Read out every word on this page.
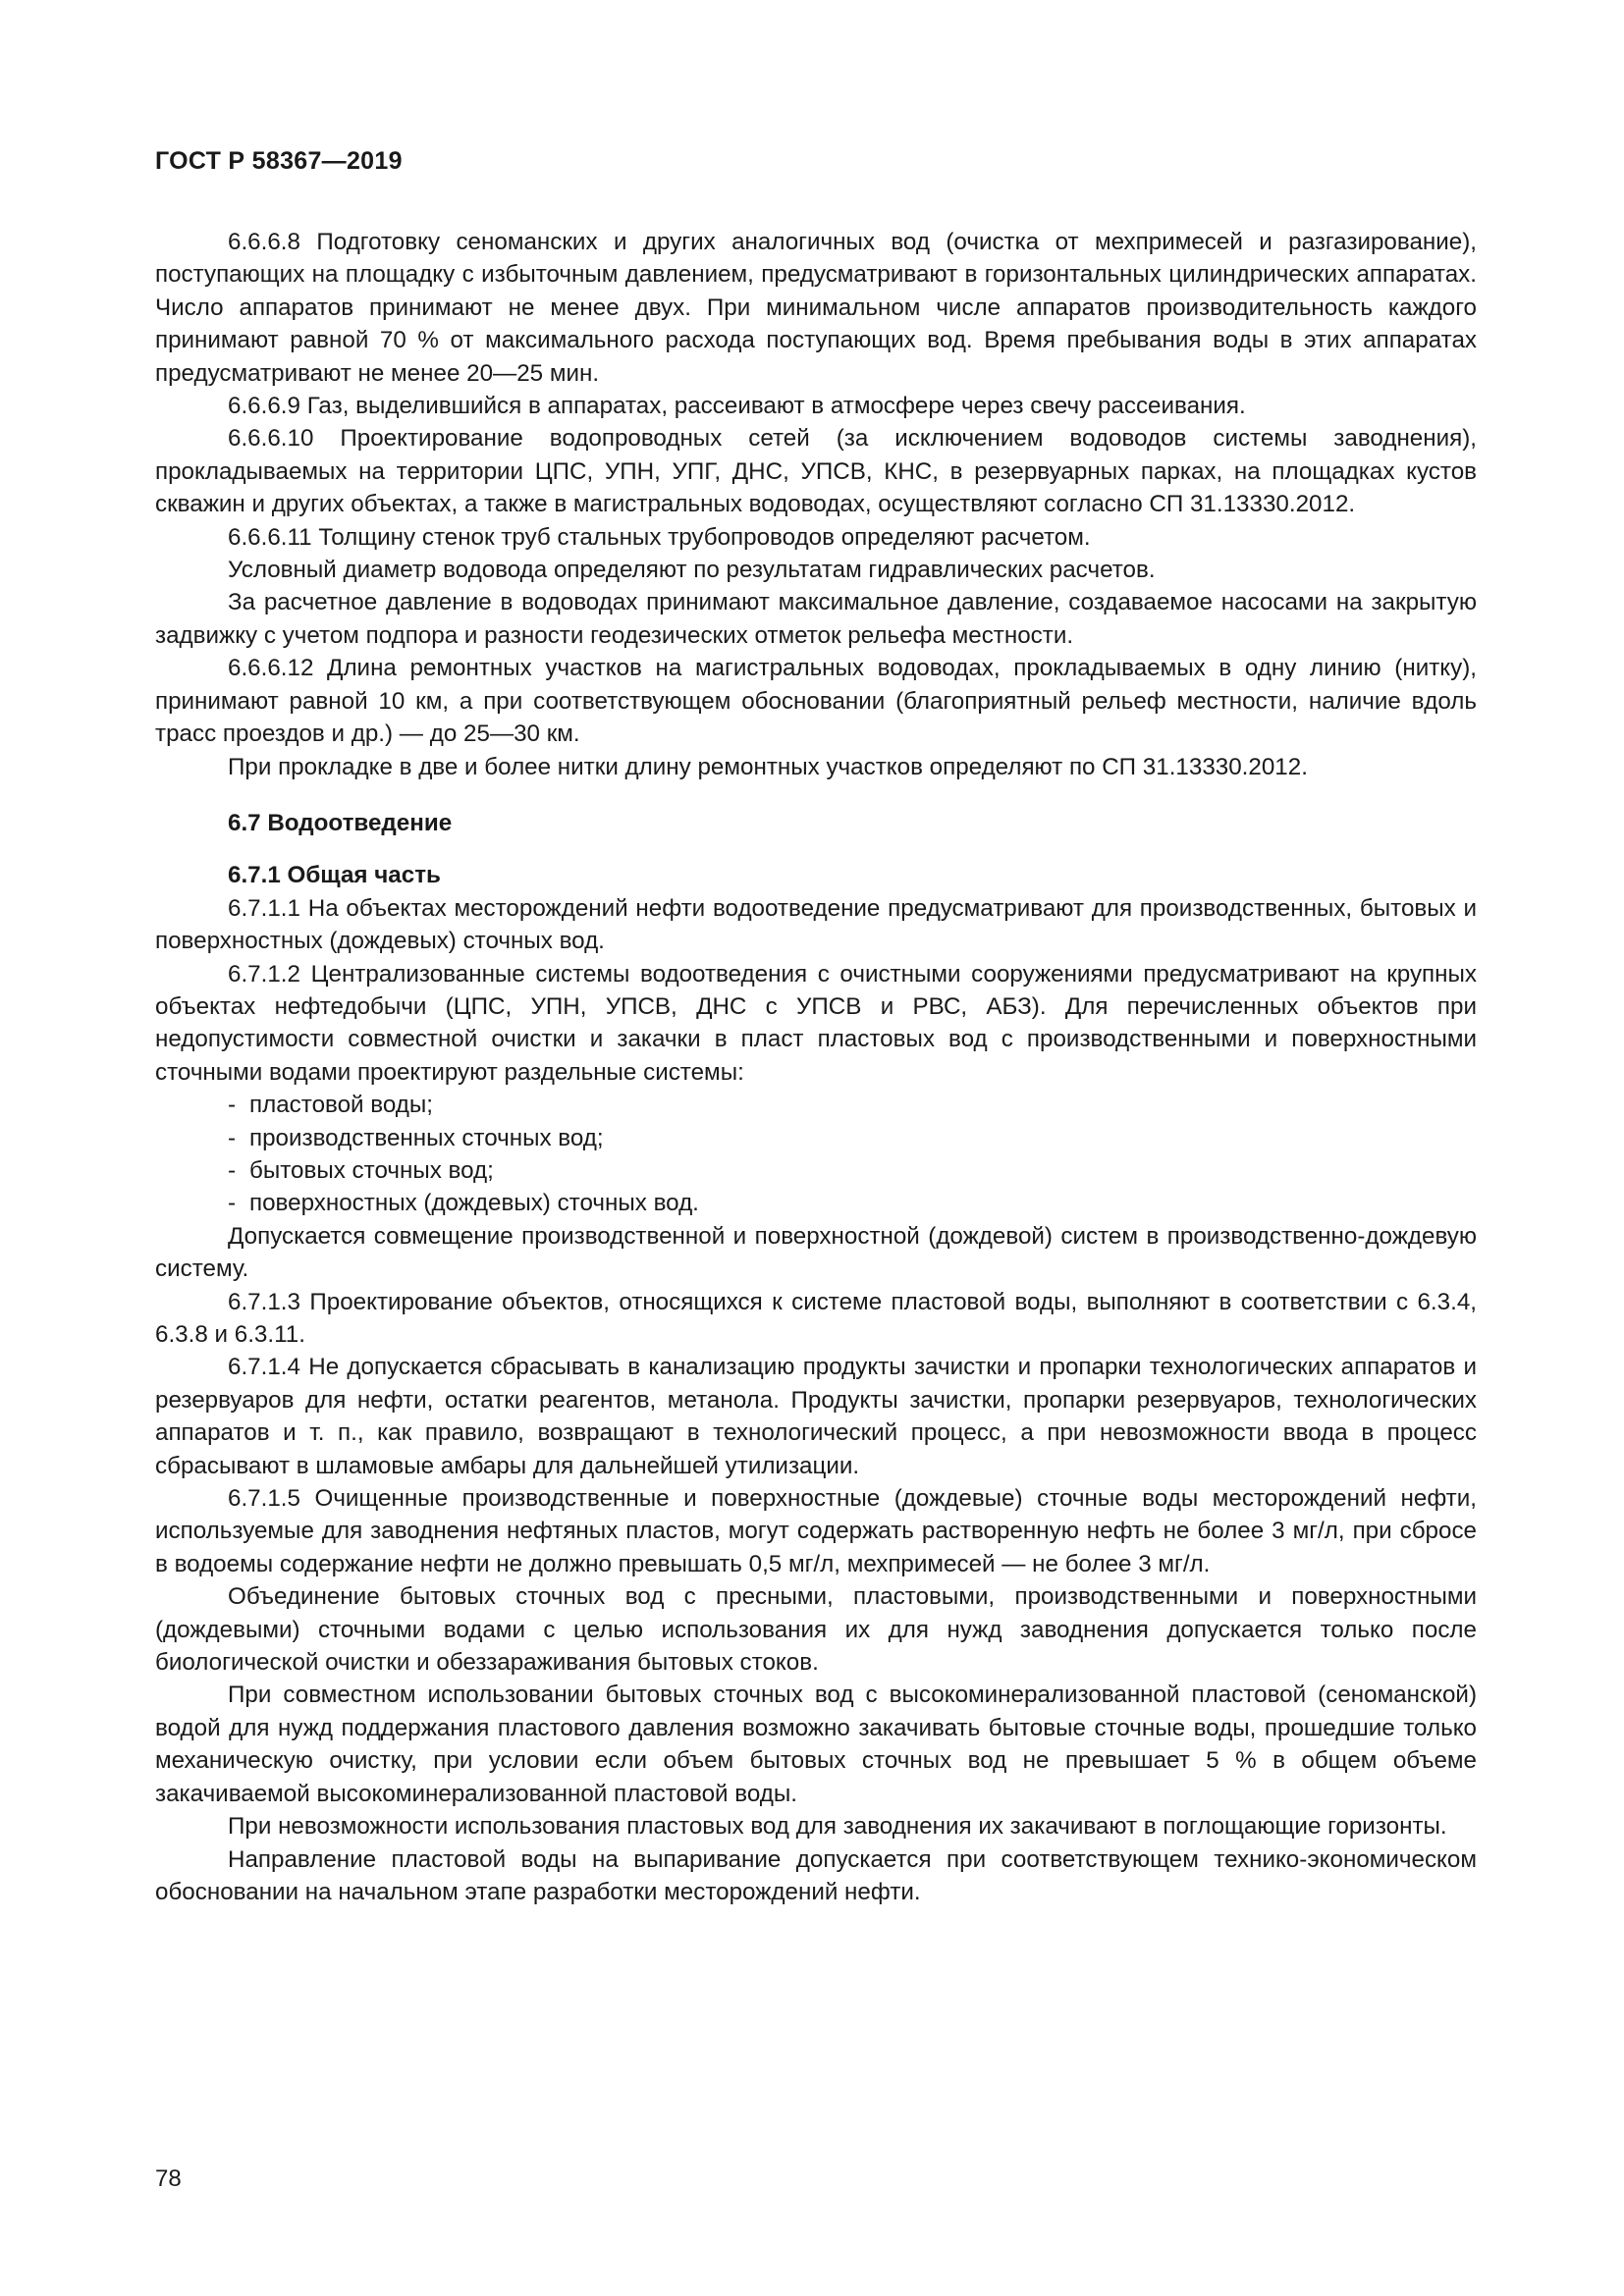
ГОСТ Р 58367—2019

6.6.6.8 Подготовку сеноманских и других аналогичных вод (очистка от мехпримесей и разгазирование), поступающих на площадку с избыточным давлением, предусматривают в горизонтальных цилиндрических аппаратах. Число аппаратов принимают не менее двух. При минимальном числе аппаратов производительность каждого принимают равной 70 % от максимального расхода поступающих вод. Время пребывания воды в этих аппаратах предусматривают не менее 20—25 мин.

6.6.6.9 Газ, выделившийся в аппаратах, рассеивают в атмосфере через свечу рассеивания.

6.6.6.10 Проектирование водопроводных сетей (за исключением водоводов системы заводнения), прокладываемых на территории ЦПС, УПН, УПГ, ДНС, УПСВ, КНС, в резервуарных парках, на площадках кустов скважин и других объектах, а также в магистральных водоводах, осуществляют согласно СП 31.13330.2012.

6.6.6.11 Толщину стенок труб стальных трубопроводов определяют расчетом.

Условный диаметр водовода определяют по результатам гидравлических расчетов.

За расчетное давление в водоводах принимают максимальное давление, создаваемое насосами на закрытую задвижку с учетом подпора и разности геодезических отметок рельефа местности.

6.6.6.12 Длина ремонтных участков на магистральных водоводах, прокладываемых в одну линию (нитку), принимают равной 10 км, а при соответствующем обосновании (благоприятный рельеф местности, наличие вдоль трасс проездов и др.) — до 25—30 км.

При прокладке в две и более нитки длину ремонтных участков определяют по СП 31.13330.2012.

6.7 Водоотведение

6.7.1 Общая часть

6.7.1.1 На объектах месторождений нефти водоотведение предусматривают для производственных, бытовых и поверхностных (дождевых) сточных вод.

6.7.1.2 Централизованные системы водоотведения с очистными сооружениями предусматривают на крупных объектах нефтедобычи (ЦПС, УПН, УПСВ, ДНС с УПСВ и РВС, АБЗ). Для перечисленных объектов при недопустимости совместной очистки и закачки в пласт пластовых вод с производственными и поверхностными сточными водами проектируют раздельные системы:

- пластовой воды;
- производственных сточных вод;
- бытовых сточных вод;
- поверхностных (дождевых) сточных вод.

Допускается совмещение производственной и поверхностной (дождевой) систем в производственно-дождевую систему.

6.7.1.3 Проектирование объектов, относящихся к системе пластовой воды, выполняют в соответствии с 6.3.4, 6.3.8 и 6.3.11.

6.7.1.4 Не допускается сбрасывать в канализацию продукты зачистки и пропарки технологических аппаратов и резервуаров для нефти, остатки реагентов, метанола. Продукты зачистки, пропарки резервуаров, технологических аппаратов и т. п., как правило, возвращают в технологический процесс, а при невозможности ввода в процесс сбрасывают в шламовые амбары для дальнейшей утилизации.

6.7.1.5 Очищенные производственные и поверхностные (дождевые) сточные воды месторождений нефти, используемые для заводнения нефтяных пластов, могут содержать растворенную нефть не более 3 мг/л, при сбросе в водоемы содержание нефти не должно превышать 0,5 мг/л, мехпримесей — не более 3 мг/л.

Объединение бытовых сточных вод с пресными, пластовыми, производственными и поверхностными (дождевыми) сточными водами с целью использования их для нужд заводнения допускается только после биологической очистки и обеззараживания бытовых стоков.

При совместном использовании бытовых сточных вод с высокоминерализованной пластовой (сеноманской) водой для нужд поддержания пластового давления возможно закачивать бытовые сточные воды, прошедшие только механическую очистку, при условии если объем бытовых сточных вод не превышает 5 % в общем объеме закачиваемой высокоминерализованной пластовой воды.

При невозможности использования пластовых вод для заводнения их закачивают в поглощающие горизонты.

Направление пластовой воды на выпаривание допускается при соответствующем технико-экономическом обосновании на начальном этапе разработки месторождений нефти.

78
